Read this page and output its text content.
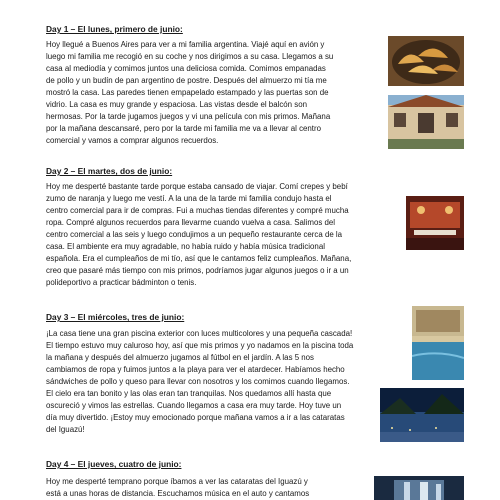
Day 1 – El lunes, primero de junio:
Hoy llegué a Buenos Aires para ver a mi familia argentina. Viajé aquí en avión y
luego mi familia me recogió en su coche y nos dirigimos a su casa. Llegamos a su
casa al mediodía y comimos juntos una deliciosa comida. Comimos empanadas
de pollo y un budín de pan argentino de postre. Después del almuerzo mi tía me
mostró la casa. Las paredes tienen empapelado estampado y las puertas son de
vidrio. La casa es muy grande y espaciosa. Las vistas desde el balcón son
hermosas. Por la tarde jugamos juegos y vi una película con mis primos. Mañana
por la mañana descansaré, pero por la tarde mi familia me va a llevar al centro
comercial y vamos a comprar algunos recuerdos.
Day 2 – El martes, dos de junio:
Hoy me desperté bastante tarde porque estaba cansado de viajar. Comí crepes y bebí
zumo de naranja y luego me vestí. A la una de la tarde mi familia condujo hasta el
centro comercial para ir de compras. Fui a muchas tiendas diferentes y compré mucha
ropa. Compré algunos recuerdos para llevarme cuando vuelva a casa. Salimos del
centro comercial a las seis y luego condujimos a un pequeño restaurante cerca de la
casa. El ambiente era muy agradable, no había ruido y había música tradicional
española. Era el cumpleaños de mi tío, así que le cantamos feliz cumpleaños. Mañana,
creo que pasaré más tiempo con mis primos, podríamos jugar algunos juegos o ir a un
polideportivo a practicar bádminton o tenis.
Day 3 – El miércoles, tres de junio:
¡La casa tiene una gran piscina exterior con luces multicolores y una pequeña cascada!
El tiempo estuvo muy caluroso hoy, así que mis primos y yo nadamos en la piscina toda
la mañana y después del almuerzo jugamos al fútbol en el jardín. A las 5 nos
cambiamos de ropa y fuimos juntos a la playa para ver el atardecer. Habíamos hecho
sándwiches de pollo y queso para llevar con nosotros y los comimos cuando llegamos.
El cielo era tan bonito y las olas eran tan tranquilas. Nos quedamos allí hasta que
oscureció y vimos las estrellas. Cuando llegamos a casa era muy tarde. Hoy tuve un
día muy divertido. ¡Estoy muy emocionado porque mañana vamos a ir a las cataratas
del Iguazú!
Day 4 – El jueves, cuatro de junio:
Hoy me desperté temprano porque íbamos a ver las cataratas del Iguazú y
está a unas horas de distancia. Escuchamos música en el auto y cantamos
